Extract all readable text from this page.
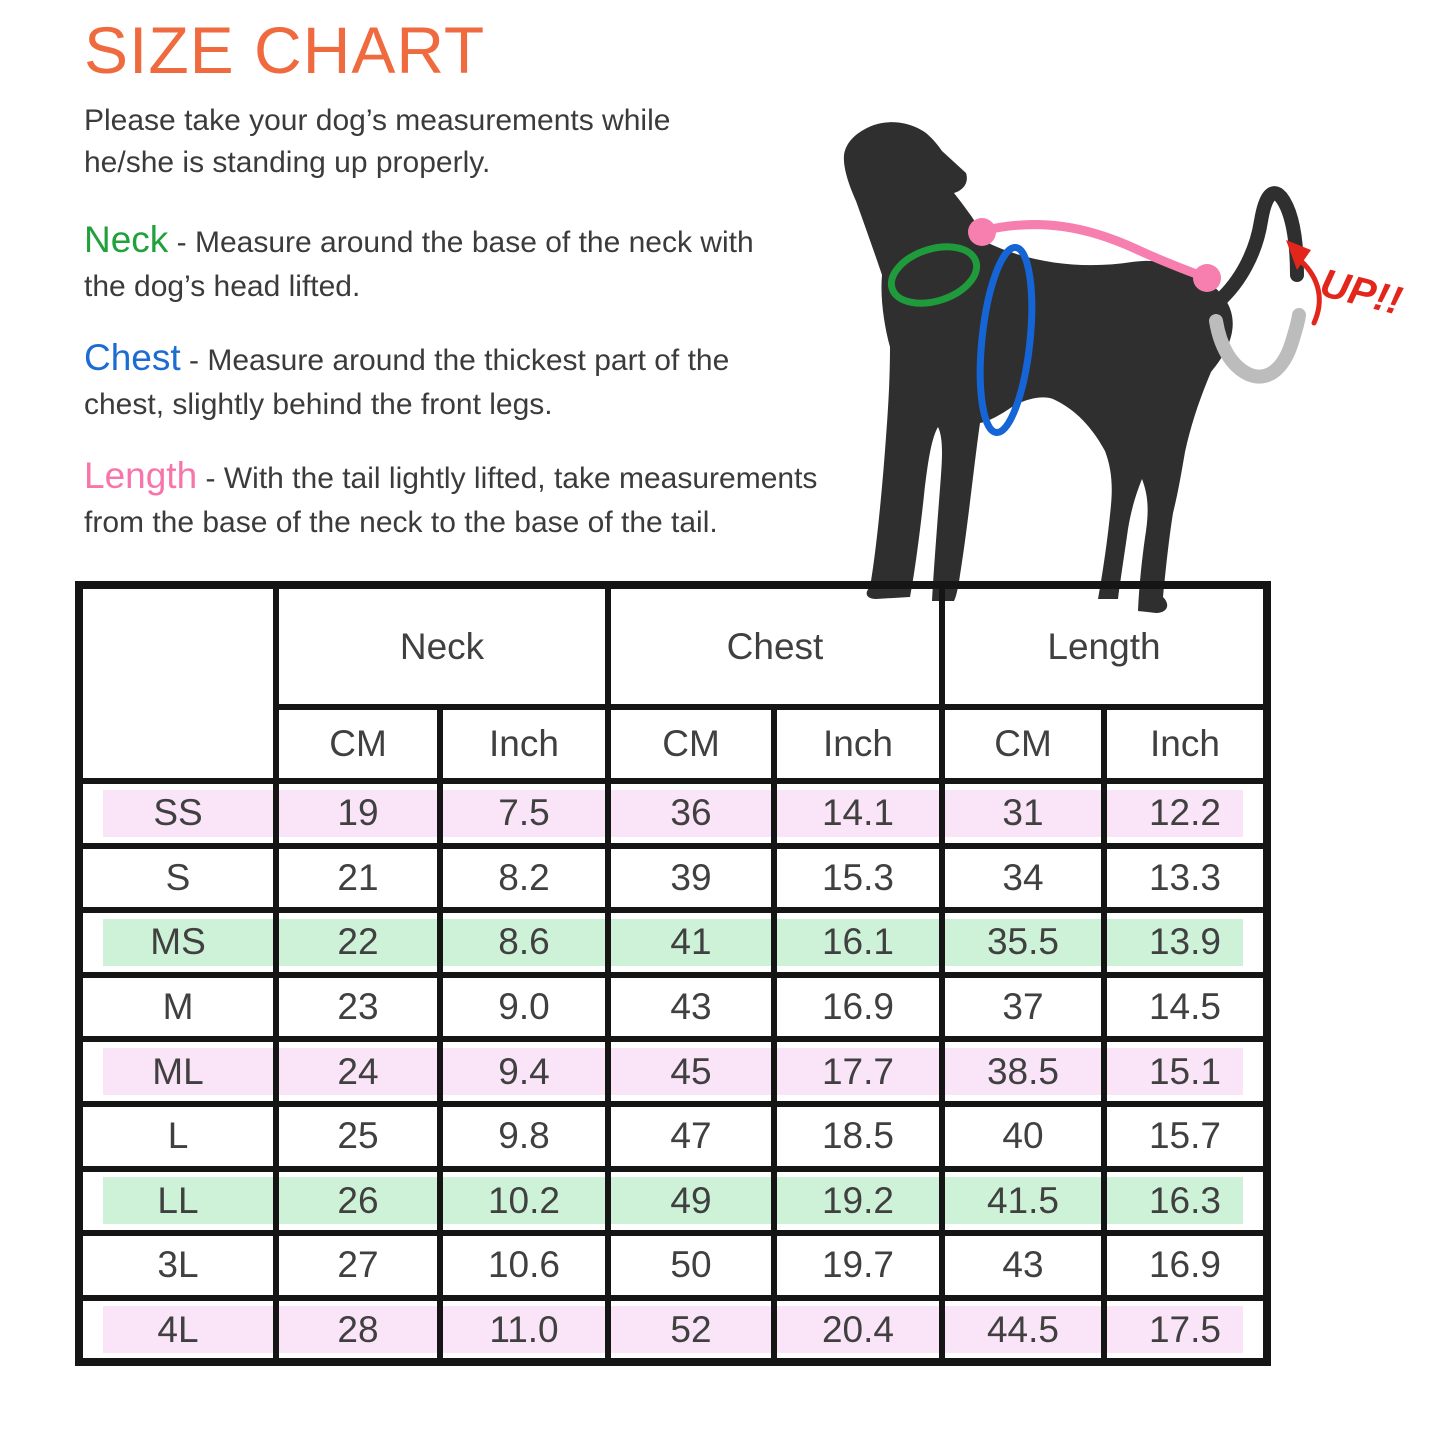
SIZE CHART

Please take your dog’s measurements while he/she is standing up properly.

Neck - Measure around the base of the neck with the dog’s head lifted.

Chest - Measure around the thickest part of the chest, slightly behind the front legs.

Length - With the tail lightly lifted, take measurements from the base of the neck to the base of the tail.

UP!!
	Neck		Chest		Length	
	CM	Inch	CM	Inch	CM	Inch
SS	19	7.5	36	14.1	31	12.2
S	21	8.2	39	15.3	34	13.3
MS	22	8.6	41	16.1	35.5	13.9
M	23	9.0	43	16.9	37	14.5
ML	24	9.4	45	17.7	38.5	15.1
L	25	9.8	47	18.5	40	15.7
LL	26	10.2	49	19.2	41.5	16.3
3L	27	10.6	50	19.7	43	16.9
4L	28	11.0	52	20.4	44.5	17.5
